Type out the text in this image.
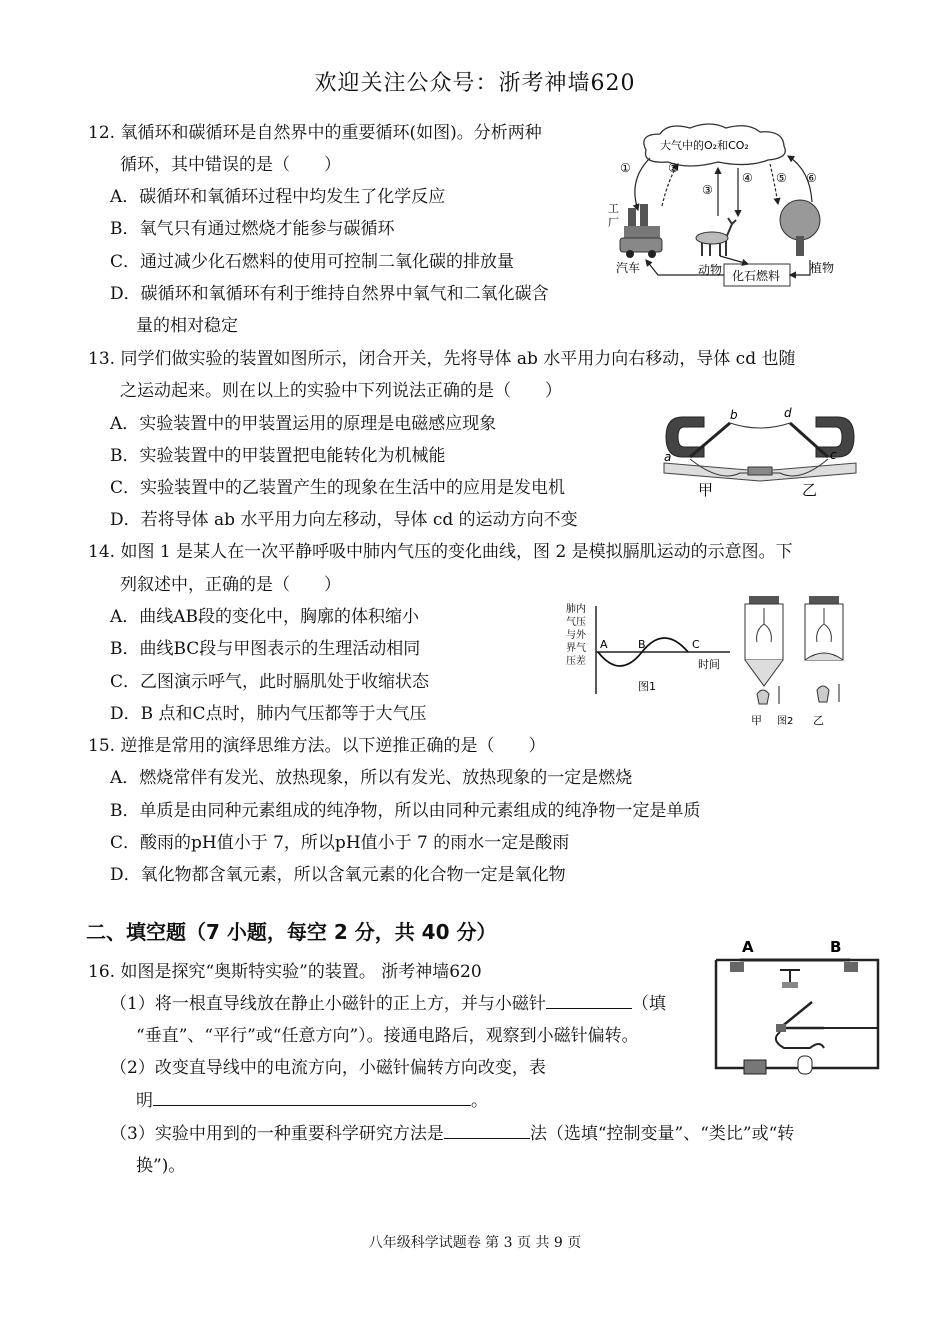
欢迎关注公众号：浙考神墙620
12. 氧循环和碳循环是自然界中的重要循环(如图)。分析两种
循环，其中错误的是（　　）
A．碳循环和氧循环过程中均发生了化学反应
B．氧气只有通过燃烧才能参与碳循环
C．通过减少化石燃料的使用可控制二氧化碳的排放量
D．碳循环和氧循环有利于维持自然界中氧气和二氧化碳含
量的相对稳定
大气中的O₂和CO₂
①	②
③
④ ⑤ ⑥
工
厂
汽车	动物	植物
化石燃料
13. 同学们做实验的装置如图所示，闭合开关，先将导体 ab 水平用力向右移动，导体 cd 也随
之运动起来。则在以上的实验中下列说法正确的是（　　）
A．实验装置中的甲装置运用的原理是电磁感应现象
B．实验装置中的甲装置把电能转化为机械能
C．实验装置中的乙装置产生的现象在生活中的应用是发电机
D．若将导体 ab 水平用力向左移动，导体 cd 的运动方向不变
b	d
a	c
甲	乙
14. 如图 1 是某人在一次平静呼吸中肺内气压的变化曲线，图 2 是模拟膈肌运动的示意图。下
列叙述中，正确的是（　　）
A．曲线AB段的变化中，胸廓的体积缩小
B．曲线BC段与甲图表示的生理活动相同
C．乙图演示呼气，此时膈肌处于收缩状态
D．B 点和C点时，肺内气压都等于大气压
肺内
气压
与外
界气
压差
A	B	C
时间
图1
甲 图2 乙
15. 逆推是常用的演绎思维方法。以下逆推正确的是（　　）
A．燃烧常伴有发光、放热现象，所以有发光、放热现象的一定是燃烧
B．单质是由同种元素组成的纯净物，所以由同种元素组成的纯净物一定是单质
C．酸雨的pH值小于 7，所以pH值小于 7 的雨水一定是酸雨
D．氧化物都含氧元素，所以含氧元素的化合物一定是氧化物
二、填空题（7 小题，每空 2 分，共 40 分）
16. 如图是探究“奥斯特实验”的装置。 浙考神墙620
（1）将一根直导线放在静止小磁针的正上方，并与小磁针	（填
“垂直”、“平行”或“任意方向”）。接通电路后，观察到小磁针偏转。
（2）改变直导线中的电流方向，小磁针偏转方向改变，表
明	。
（3）实验中用到的一种重要科学研究方法是	法（选填“控制变量”、“类比”或“转
换”)。
A	B
八年级科学试题卷 第 3 页 共 9 页
